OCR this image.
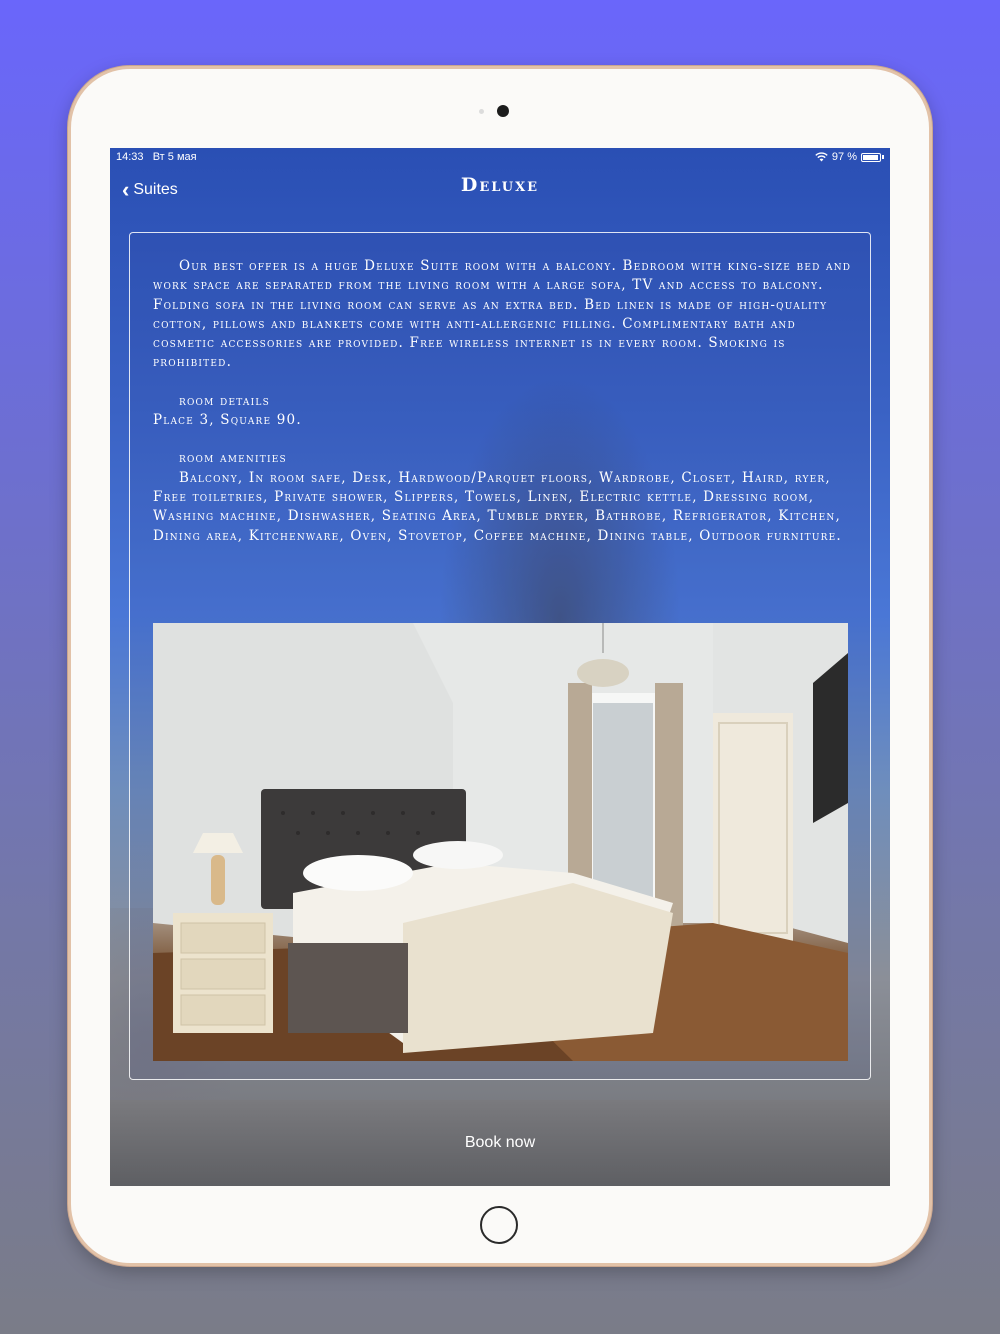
14:33 Вт 5 мая	97 %
‹ Suites	Deluxe

Our best offer is a huge Deluxe Suite room with a balcony. Bedroom with king-size bed and work space are separated from the living room with a large sofa, TV and access to balcony. Folding sofa in the living room can serve as an extra bed. Bed linen is made of high-quality cotton, pillows and blankets come with anti-allergenic filling. Complimentary bath and cosmetic accessories are provided. Free wireless internet is in every room. Smoking is prohibited.

room details

Place 3, Square 90.

room amenities

Balcony, In room safe, Desk, Hardwood/Parquet floors, Wardrobe, Closet, Haird, ryer, Free toiletries, Private shower, Slippers, Towels, Linen, Electric kettle, Dressing room, Washing machine, Dishwasher, Seating Area, Tumble dryer, Bathrobe, Refrigerator, Kitchen, Dining area, Kitchenware, Oven, Stovetop, Coffee machine, Dining table, Outdoor furniture.

Book now
